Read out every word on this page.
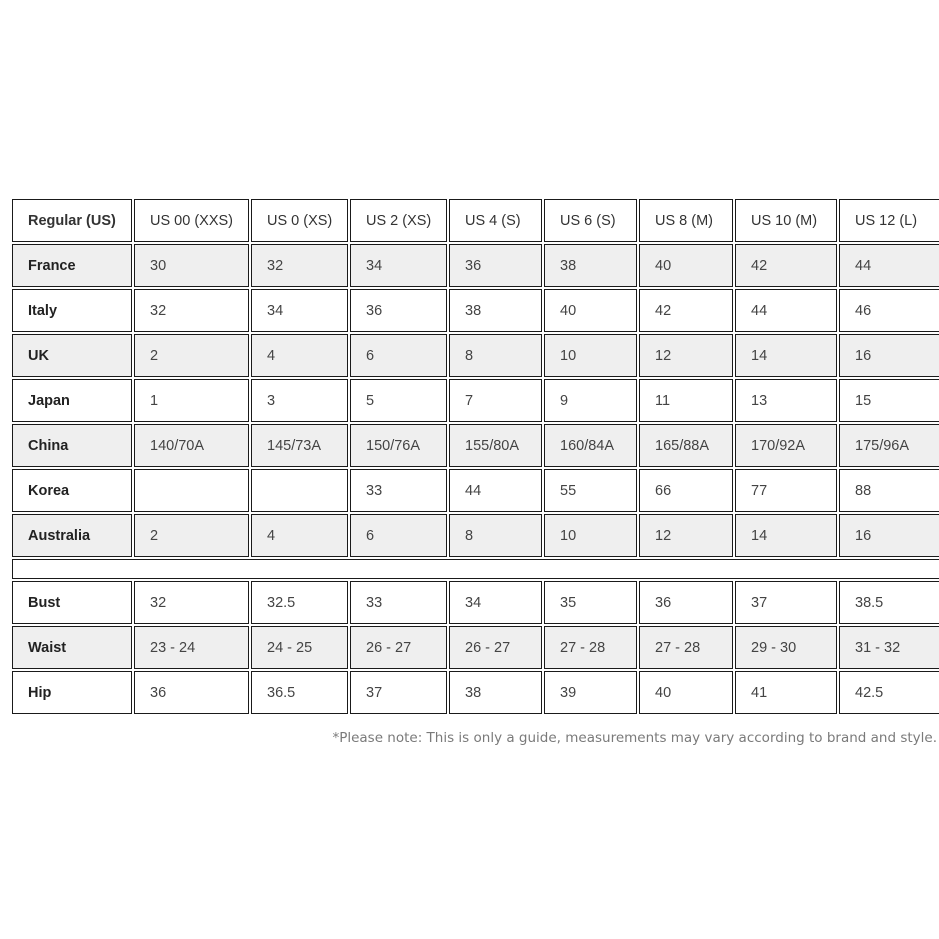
Regular (US)	US 00 (XXS)	US 0 (XS)	US 2 (XS)	US 4 (S)	US 6 (S)	US 8 (M)	US 10 (M)	US 12 (L)
France	30	32	34	36	38	40	42	44
Italy	32	34	36	38	40	42	44	46
UK	2	4	6	8	10	12	14	16
Japan	1	3	5	7	9	11	13	15
China	140/70A	145/73A	150/76A	155/80A	160/84A	165/88A	170/92A	175/96A
Korea			33	44	55	66	77	88
Australia	2	4	6	8	10	12	14	16

Bust	32	32.5	33	34	35	36	37	38.5
Waist	23 - 24	24 - 25	26 - 27	26 - 27	27 - 28	27 - 28	29 - 30	31 - 32
Hip	36	36.5	37	38	39	40	41	42.5
*Please note: This is only a guide, measurements may vary according to brand and style.
